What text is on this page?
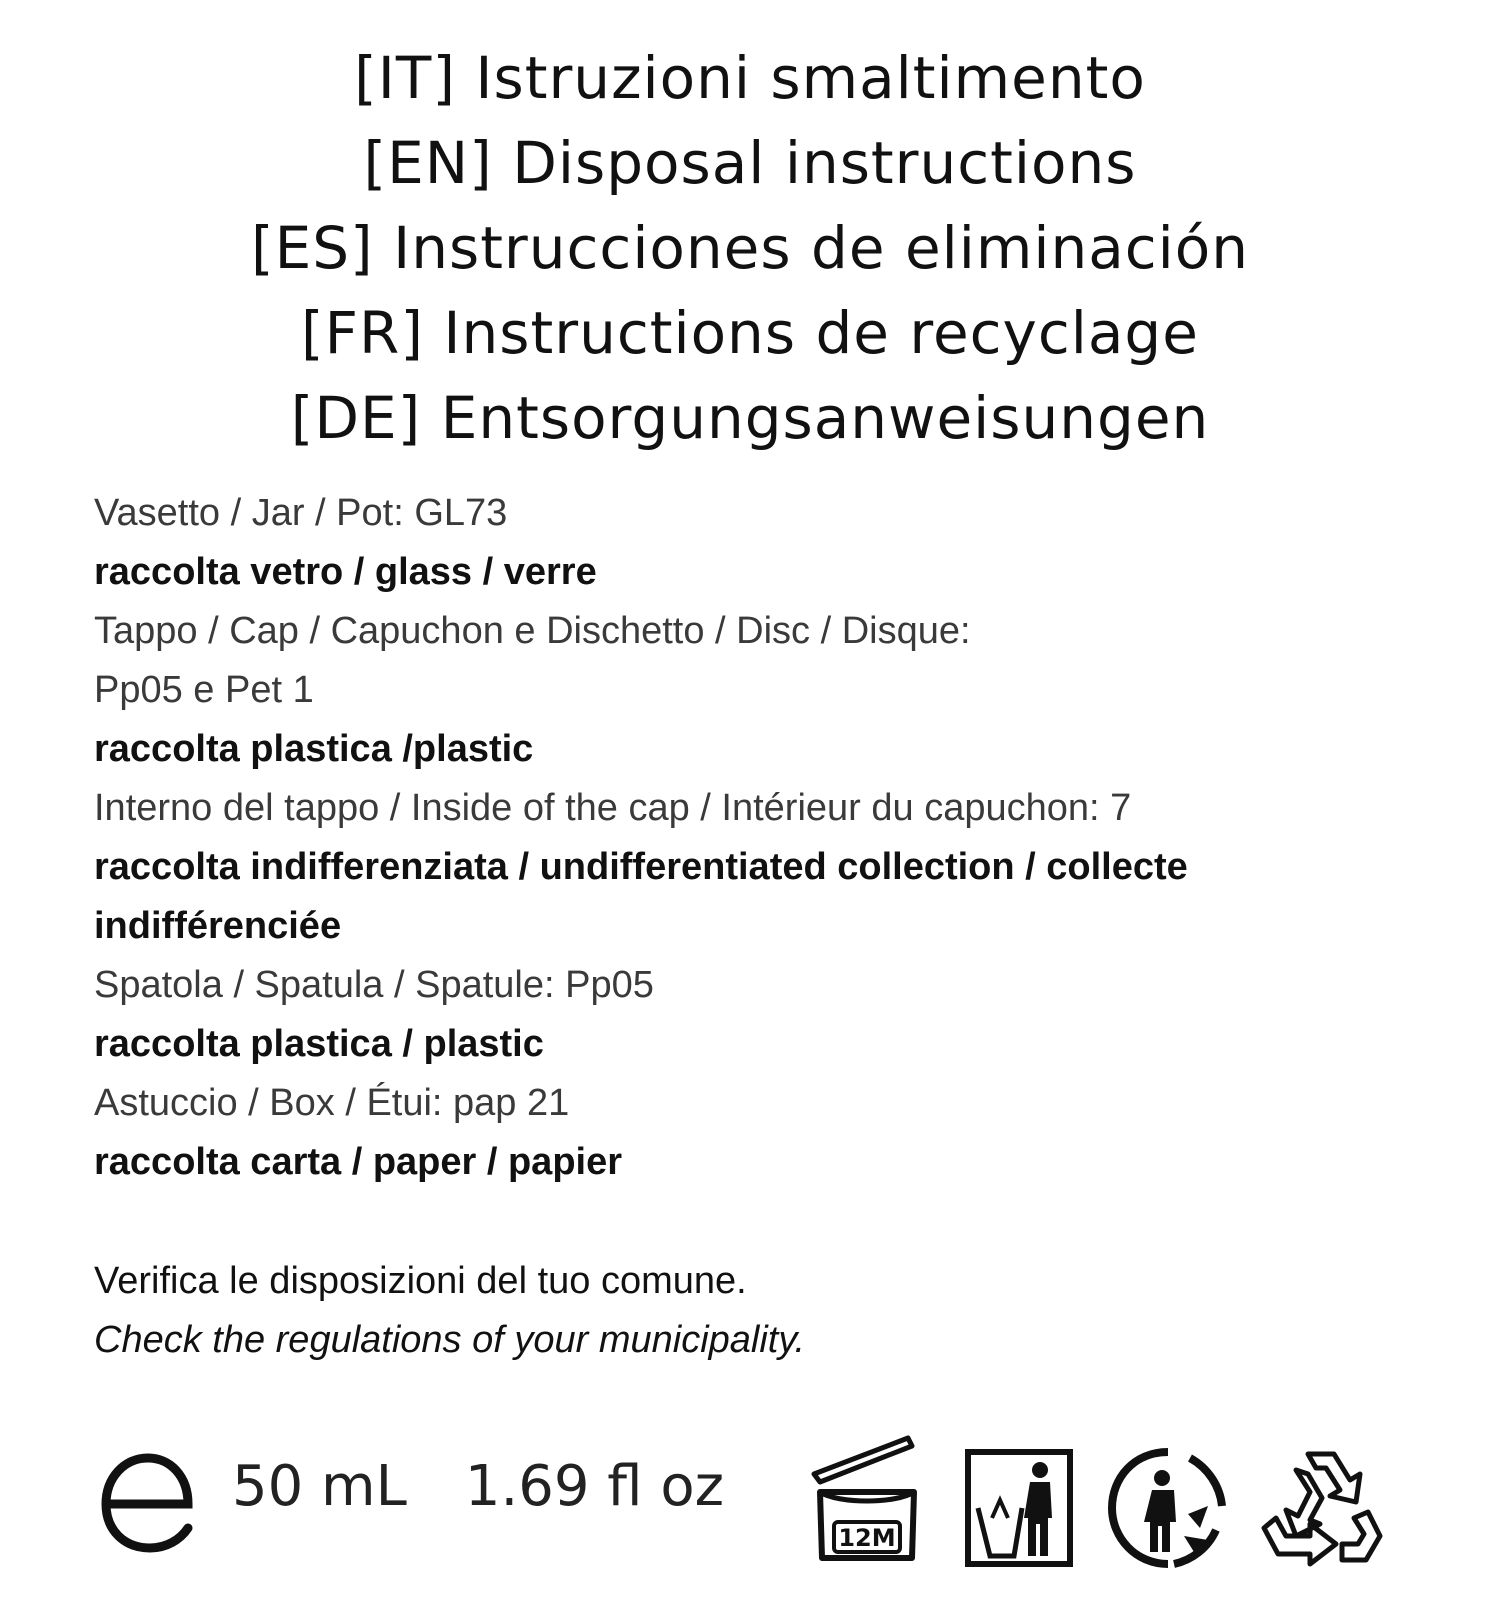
[IT] Istruzioni smaltimento
[EN] Disposal instructions
[ES] Instrucciones de eliminación
[FR] Instructions de recyclage
[DE] Entsorgungsanweisungen
Vasetto / Jar / Pot: GL73
raccolta vetro / glass / verre
Tappo / Cap / Capuchon e Dischetto / Disc / Disque:
Pp05 e Pet 1
raccolta plastica /plastic
Interno del tappo / Inside of the cap / Intérieur du capuchon: 7
raccolta indifferenziata / undifferentiated collection / collecte indifférenciée
Spatola / Spatula / Spatule: Pp05
raccolta plastica / plastic
Astuccio / Box / Étui: pap 21
raccolta carta / paper / papier
Verifica le disposizioni del tuo comune.
Check the regulations of your municipality.
50 mL 1.69 fl oz
12M
